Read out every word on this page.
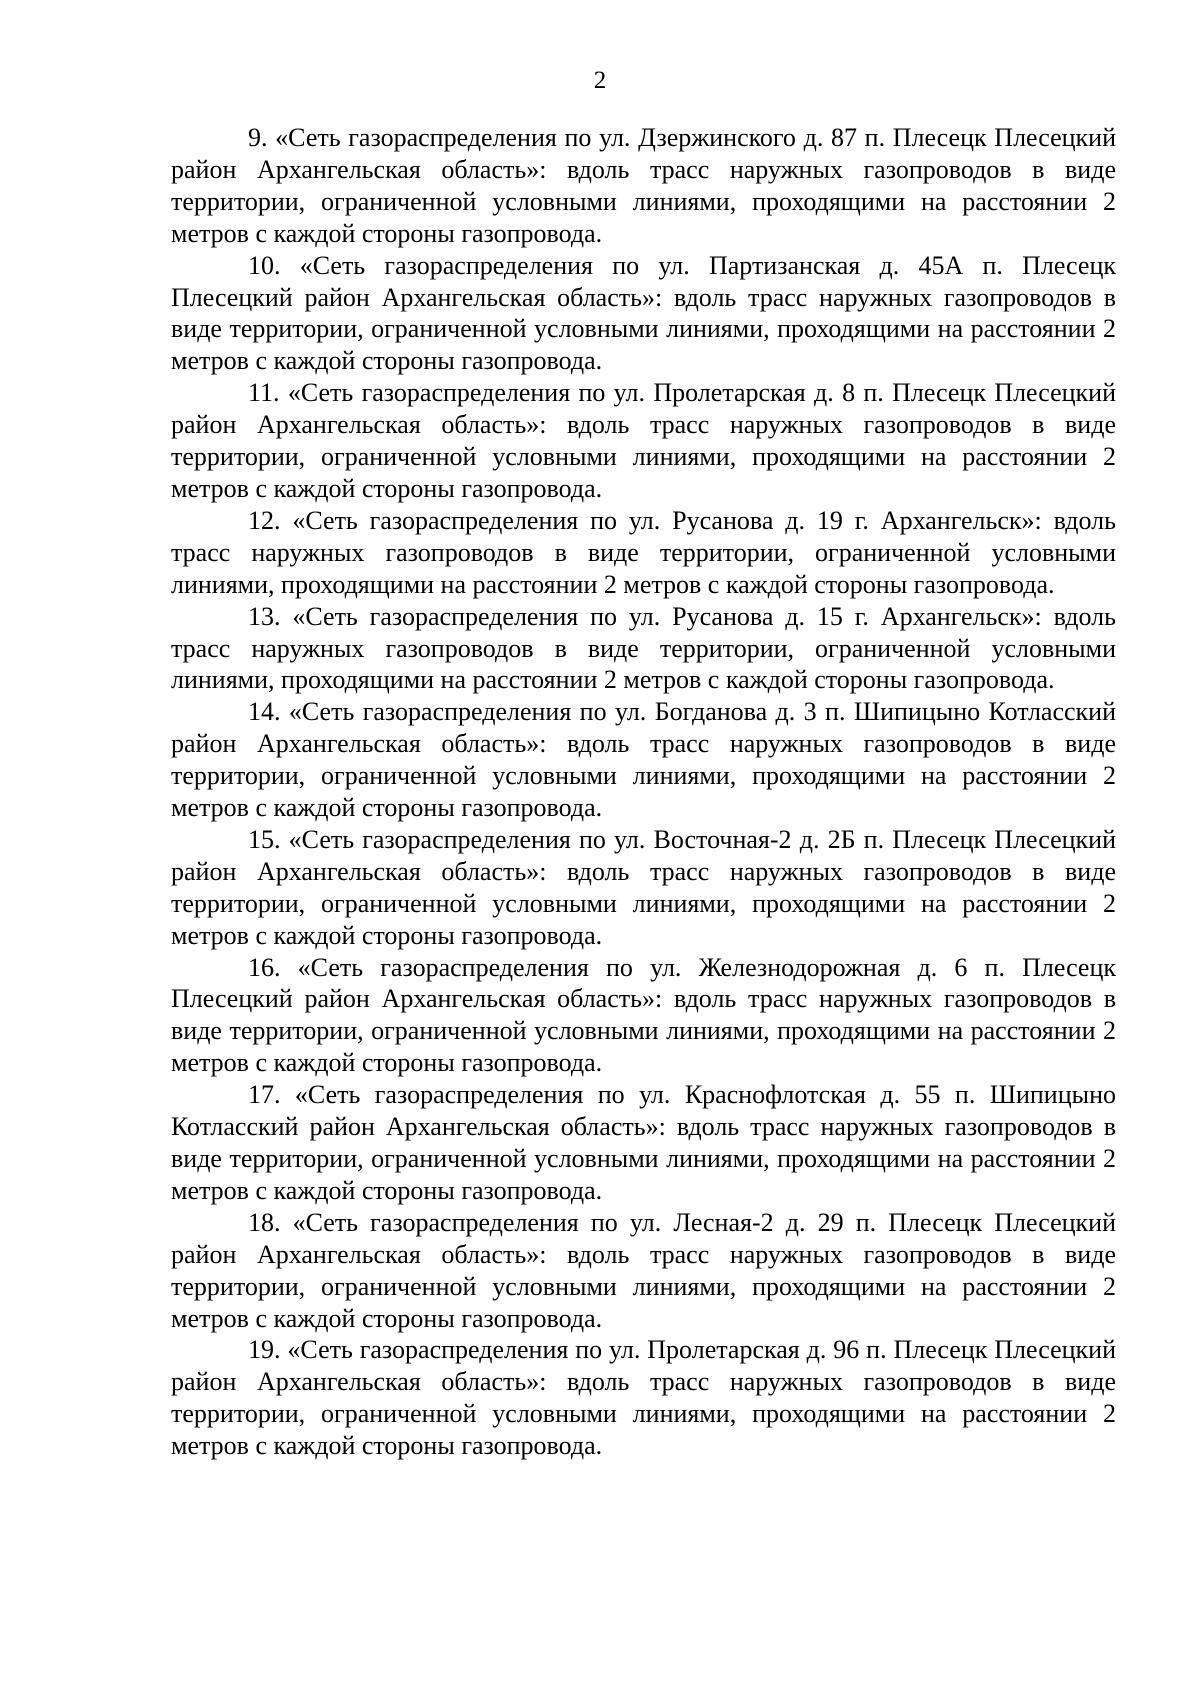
2

9. «Сеть газораспределения по ул. Дзержинского д. 87 п. Плесецк Плесецкий район Архангельская область»: вдоль трасс наружных газопроводов в виде территории, ограниченной условными линиями, проходящими на расстоянии 2 метров с каждой стороны газопровода.

10. «Сеть газораспределения по ул. Партизанская д. 45А п. Плесецк Плесецкий район Архангельская область»: вдоль трасс наружных газопроводов в виде территории, ограниченной условными линиями, проходящими на расстоянии 2 метров с каждой стороны газопровода.

11. «Сеть газораспределения по ул. Пролетарская д. 8 п. Плесецк Плесецкий район Архангельская область»: вдоль трасс наружных газопроводов в виде территории, ограниченной условными линиями, проходящими на расстоянии 2 метров с каждой стороны газопровода.

12. «Сеть газораспределения по ул. Русанова д. 19 г. Архангельск»: вдоль трасс наружных газопроводов в виде территории, ограниченной условными линиями, проходящими на расстоянии 2 метров с каждой стороны газопровода.

13. «Сеть газораспределения по ул. Русанова д. 15 г. Архангельск»: вдоль трасс наружных газопроводов в виде территории, ограниченной условными линиями, проходящими на расстоянии 2 метров с каждой стороны газопровода.

14. «Сеть газораспределения по ул. Богданова д. 3 п. Шипицыно Котласский район Архангельская область»: вдоль трасс наружных газопроводов в виде территории, ограниченной условными линиями, проходящими на расстоянии 2 метров с каждой стороны газопровода.

15. «Сеть газораспределения по ул. Восточная-2 д. 2Б п. Плесецк Плесецкий район Архангельская область»: вдоль трасс наружных газопроводов в виде территории, ограниченной условными линиями, проходящими на расстоянии 2 метров с каждой стороны газопровода.

16. «Сеть газораспределения по ул. Железнодорожная д. 6 п. Плесецк Плесецкий район Архангельская область»: вдоль трасс наружных газопроводов в виде территории, ограниченной условными линиями, проходящими на расстоянии 2 метров с каждой стороны газопровода.

17. «Сеть газораспределения по ул. Краснофлотская д. 55 п. Шипицыно Котласский район Архангельская область»: вдоль трасс наружных газопроводов в виде территории, ограниченной условными линиями, проходящими на расстоянии 2 метров с каждой стороны газопровода.

18. «Сеть газораспределения по ул. Лесная-2 д. 29 п. Плесецк Плесецкий район Архангельская область»: вдоль трасс наружных газопроводов в виде территории, ограниченной условными линиями, проходящими на расстоянии 2 метров с каждой стороны газопровода.

19. «Сеть газораспределения по ул. Пролетарская д. 96 п. Плесецк Плесецкий район Архангельская область»: вдоль трасс наружных газопроводов в виде территории, ограниченной условными линиями, проходящими на расстоянии 2 метров с каждой стороны газопровода.
